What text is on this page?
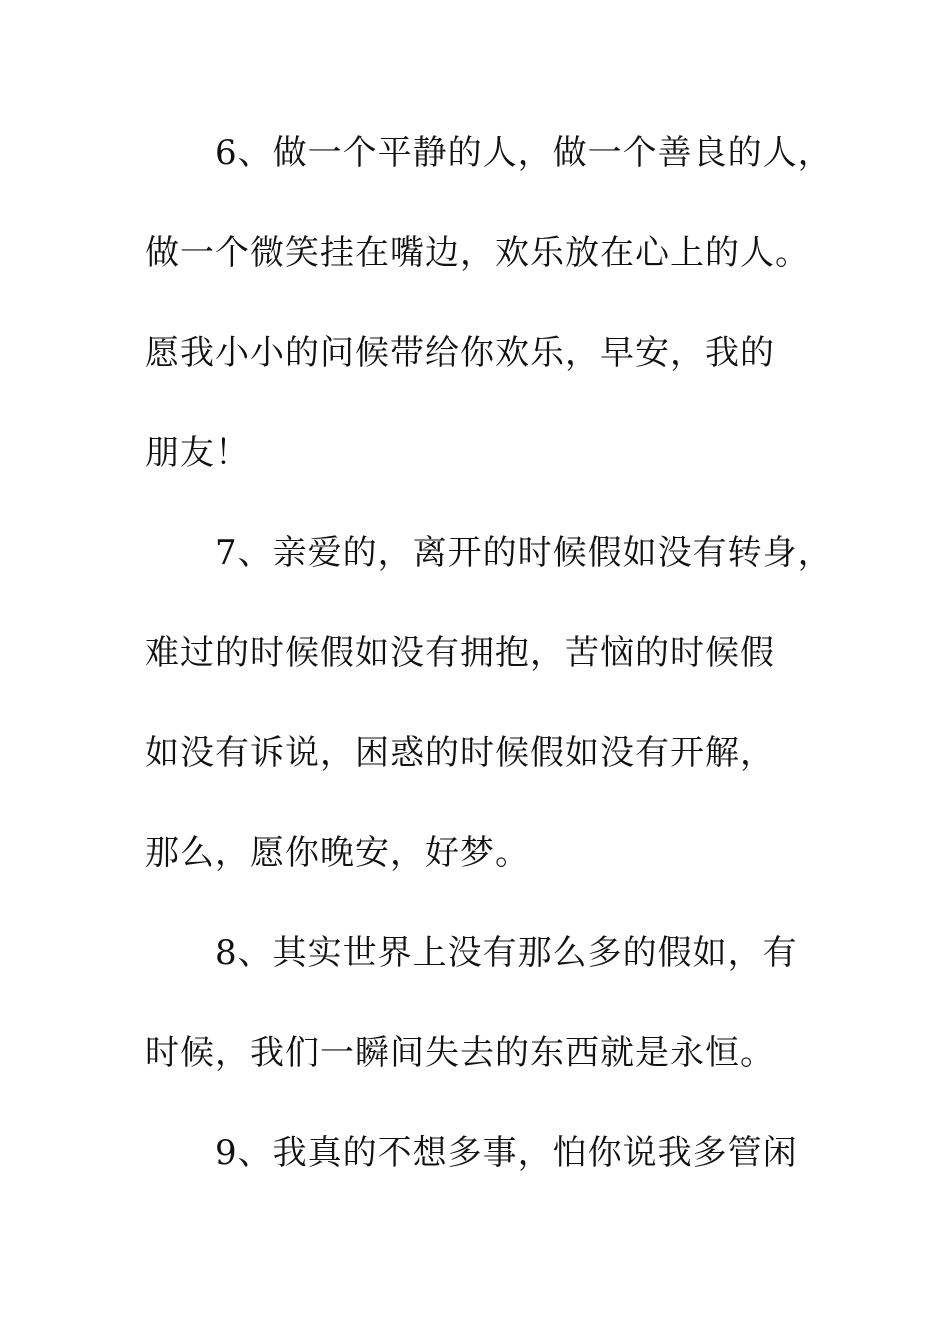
6、做一个平静的人，做一个善良的人，
做一个微笑挂在嘴边，欢乐放在心上的人。
愿我小小的问候带给你欢乐，早安，我的
朋友！
7、亲爱的，离开的时候假如没有转身，
难过的时候假如没有拥抱，苦恼的时候假
如没有诉说，困惑的时候假如没有开解，
那么，愿你晚安，好梦。
8、其实世界上没有那么多的假如，有
时候，我们一瞬间失去的东西就是永恒。
9、我真的不想多事，怕你说我多管闲
